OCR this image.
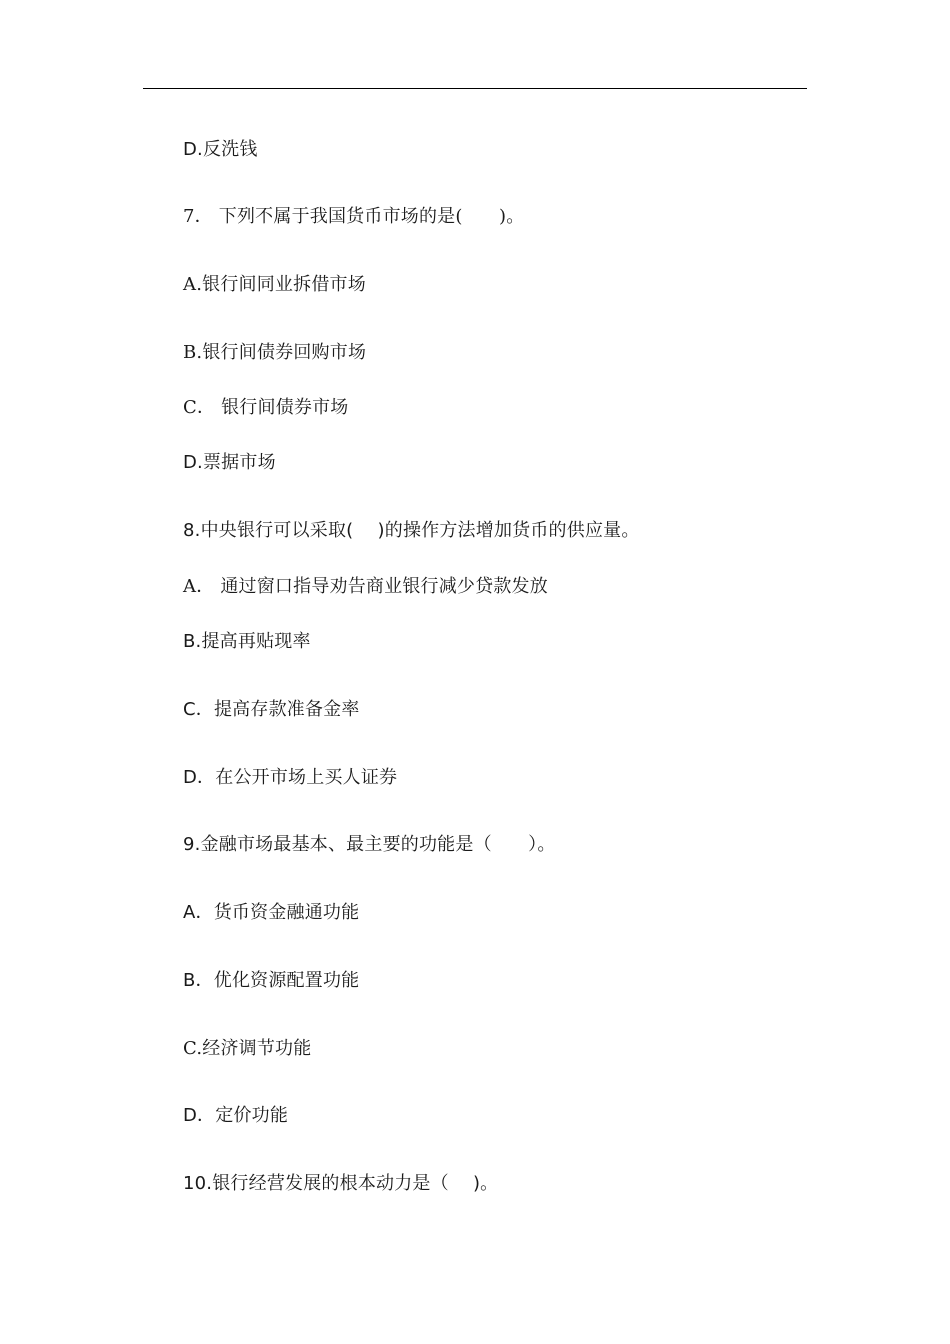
D.反洗钱
7． 下列不属于我国货币市场的是(　　)。
A.银行间同业拆借市场
B.银行间债券回购市场
C． 银行间债券市场
D.票据市场
8.中央银行可以采取(　 )的操作方法增加货币的供应量。
A． 通过窗口指导劝告商业银行减少贷款发放
B.提高再贴现率
C．提高存款准备金率
D．在公开市场上买人证券
9.金融市场最基本、最主要的功能是（　　）。
A．货币资金融通功能
B．优化资源配置功能
C.经济调节功能
D．定价功能
10.银行经营发展的根本动力是（　 )。
